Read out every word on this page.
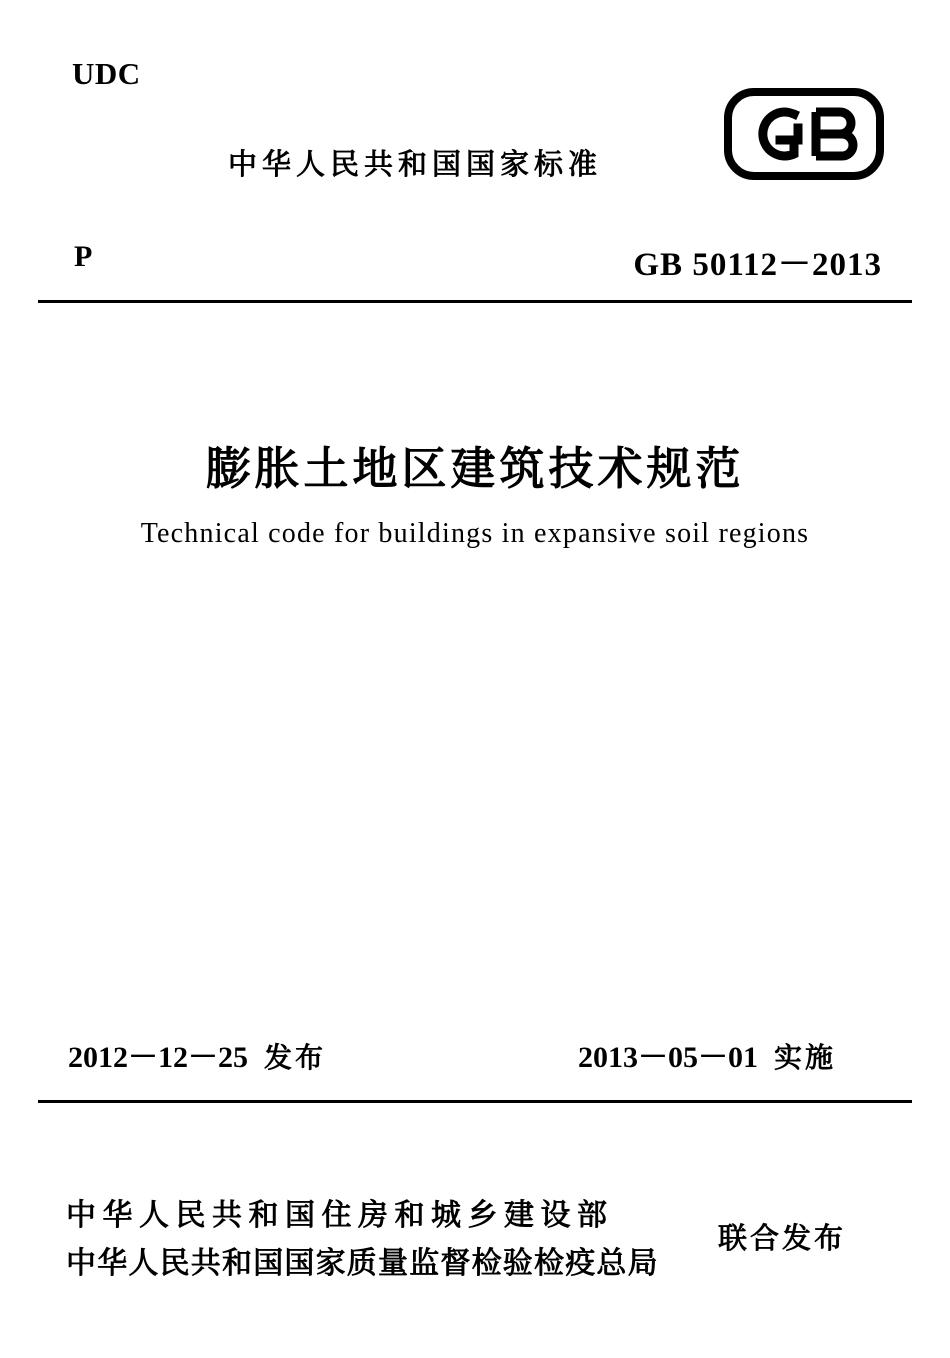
UDC
中华人民共和国国家标准
P	GB 50112－2013
膨胀土地区建筑技术规范
Technical code for buildings in expansive soil regions
2012－12－25 发布	2013－05－01 实施
中华人民共和国住房和城乡建设部
中华人民共和国国家质量监督检验检疫总局
联合发布
